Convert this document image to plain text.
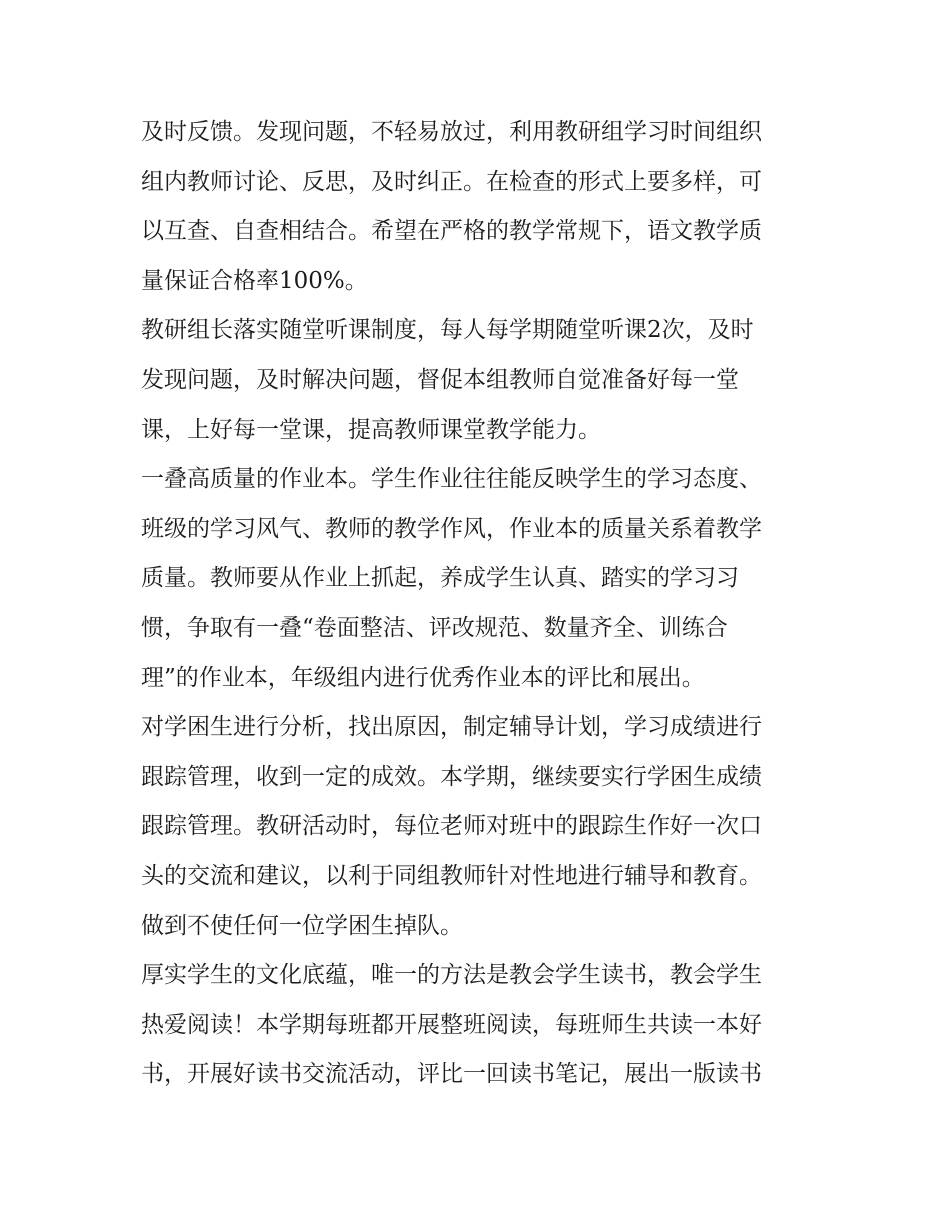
及时反馈。发现问题，不轻易放过，利用教研组学习时间组织
组内教师讨论、反思，及时纠正。在检查的形式上要多样，可
以互查、自查相结合。希望在严格的教学常规下，语文教学质
量保证合格率100%。
教研组长落实随堂听课制度，每人每学期随堂听课2次，及时
发现问题，及时解决问题，督促本组教师自觉准备好每一堂
课，上好每一堂课，提高教师课堂教学能力。
一叠高质量的作业本。学生作业往往能反映学生的学习态度、
班级的学习风气、教师的教学作风，作业本的质量关系着教学
质量。教师要从作业上抓起，养成学生认真、踏实的学习习
惯，争取有一叠“卷面整洁、评改规范、数量齐全、训练合
理”的作业本，年级组内进行优秀作业本的评比和展出。
对学困生进行分析，找出原因，制定辅导计划，学习成绩进行
跟踪管理，收到一定的成效。本学期，继续要实行学困生成绩
跟踪管理。教研活动时，每位老师对班中的跟踪生作好一次口
头的交流和建议，以利于同组教师针对性地进行辅导和教育。
做到不使任何一位学困生掉队。
厚实学生的文化底蕴，唯一的方法是教会学生读书，教会学生
热爱阅读！本学期每班都开展整班阅读，每班师生共读一本好
书，开展好读书交流活动，评比一回读书笔记，展出一版读书
